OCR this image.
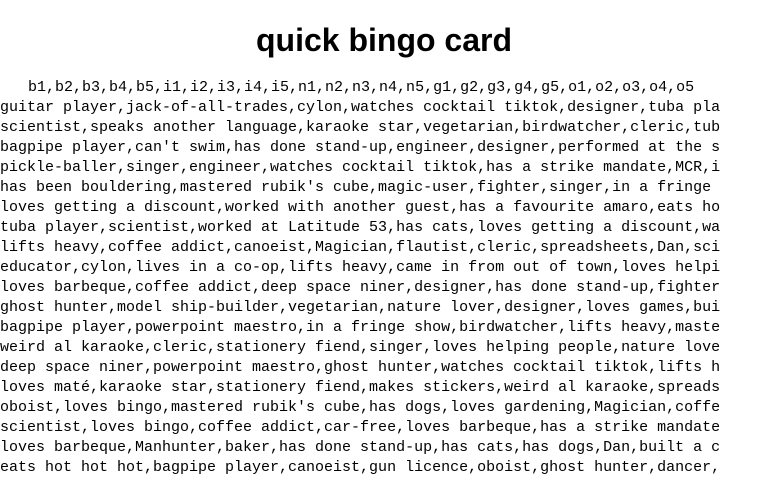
quick bingo card
b1,b2,b3,b4,b5,i1,i2,i3,i4,i5,n1,n2,n3,n4,n5,g1,g2,g3,g4,g5,o1,o2,o3,o4,o5
guitar player,jack-of-all-trades,cylon,watches cocktail tiktok,designer,tuba pla
scientist,speaks another language,karaoke star,vegetarian,birdwatcher,cleric,tub
bagpipe player,can't swim,has done stand-up,engineer,designer,performed at the s
pickle-baller,singer,engineer,watches cocktail tiktok,has a strike mandate,MCR,i
has been bouldering,mastered rubik's cube,magic-user,fighter,singer,in a fringe
loves getting a discount,worked with another guest,has a favourite amaro,eats ho
tuba player,scientist,worked at Latitude 53,has cats,loves getting a discount,wa
lifts heavy,coffee addict,canoeist,Magician,flautist,cleric,spreadsheets,Dan,sci
educator,cylon,lives in a co-op,lifts heavy,came in from out of town,loves helpi
loves barbeque,coffee addict,deep space niner,designer,has done stand-up,fighter
ghost hunter,model ship-builder,vegetarian,nature lover,designer,loves games,bui
bagpipe player,powerpoint maestro,in a fringe show,birdwatcher,lifts heavy,maste
weird al karaoke,cleric,stationery fiend,singer,loves helping people,nature love
deep space niner,powerpoint maestro,ghost hunter,watches cocktail tiktok,lifts h
loves maté,karaoke star,stationery fiend,makes stickers,weird al karaoke,spreads
oboist,loves bingo,mastered rubik's cube,has dogs,loves gardening,Magician,coffe
scientist,loves bingo,coffee addict,car-free,loves barbeque,has a strike mandate
loves barbeque,Manhunter,baker,has done stand-up,has cats,has dogs,Dan,built a c
eats hot hot hot,bagpipe player,canoeist,gun licence,oboist,ghost hunter,dancer,
